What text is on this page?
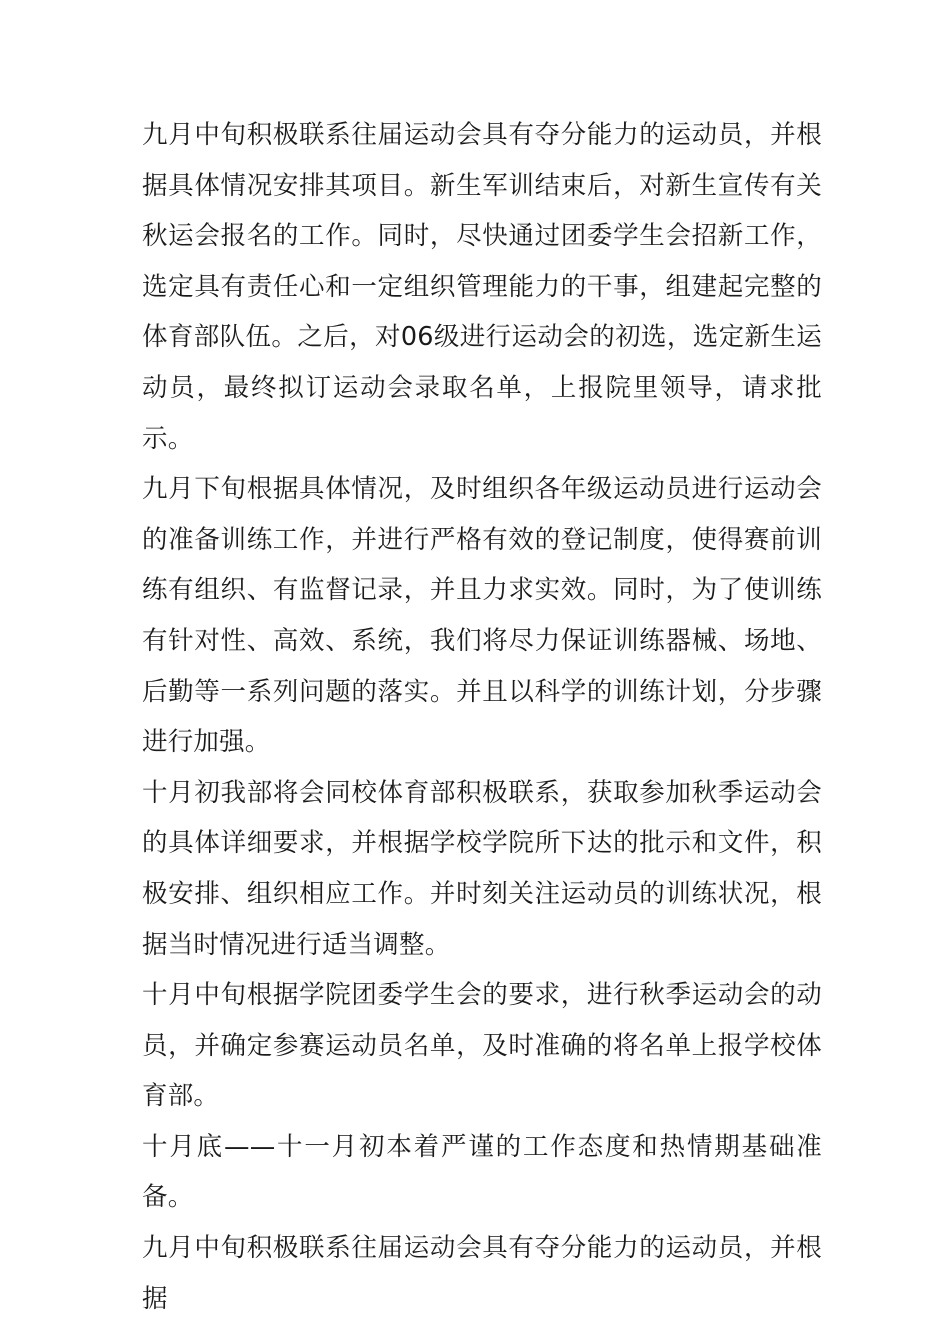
九月中旬积极联系往届运动会具有夺分能力的运动员，并根据具体情况安排其项目。新生军训结束后，对新生宣传有关秋运会报名的工作。同时，尽快通过团委学生会招新工作，选定具有责任心和一定组织管理能力的干事，组建起完整的体育部队伍。之后，对06级进行运动会的初选，选定新生运动员，最终拟订运动会录取名单，上报院里领导，请求批示。

九月下旬根据具体情况，及时组织各年级运动员进行运动会的准备训练工作，并进行严格有效的登记制度，使得赛前训练有组织、有监督记录，并且力求实效。同时，为了使训练有针对性、高效、系统，我们将尽力保证训练器械、场地、后勤等一系列问题的落实。并且以科学的训练计划，分步骤进行加强。

十月初我部将会同校体育部积极联系，获取参加秋季运动会的具体详细要求，并根据学校学院所下达的批示和文件，积极安排、组织相应工作。并时刻关注运动员的训练状况，根据当时情况进行适当调整。

十月中旬根据学院团委学生会的要求，进行秋季运动会的动员，并确定参赛运动员名单，及时准确的将名单上报学校体育部。

十月底——十一月初本着严谨的工作态度和热情期基础准备。

九月中旬积极联系往届运动会具有夺分能力的运动员，并根据
